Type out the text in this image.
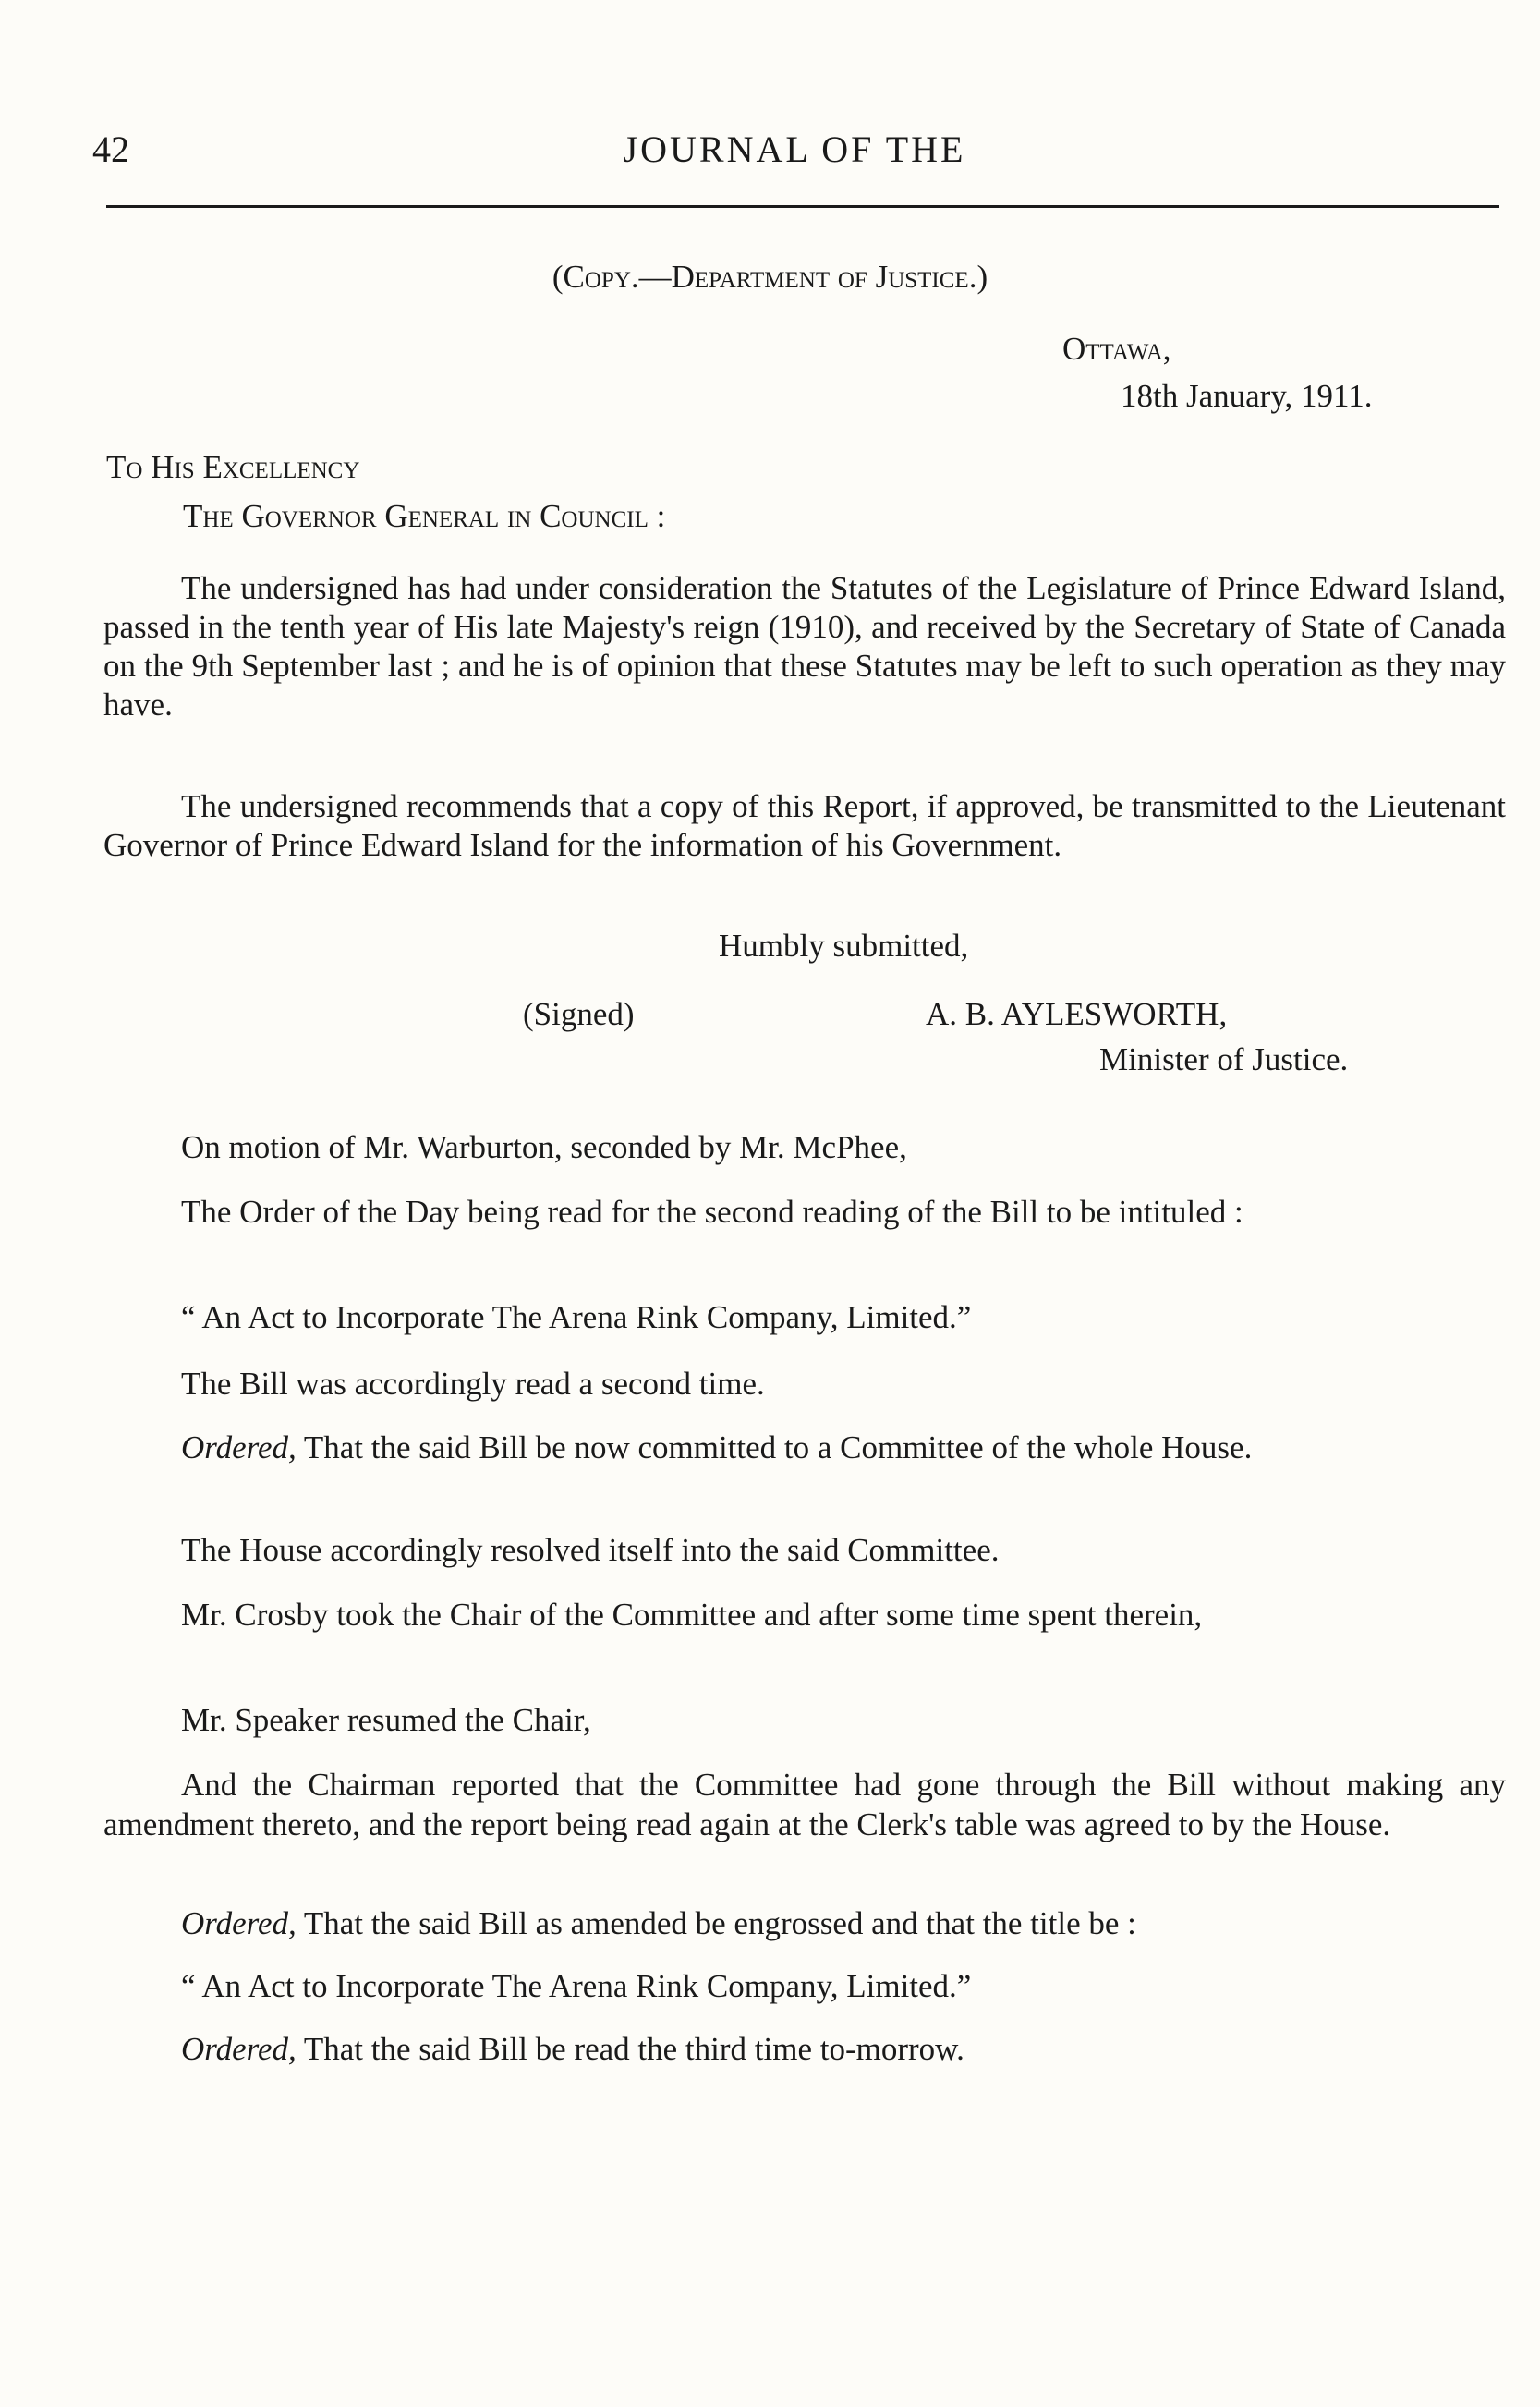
42	JOURNAL OF THE
(Copy.—Department of Justice.)
Ottawa,
18th January, 1911.
To His Excellency
The Governor General in Council :

The undersigned has had under consideration the Statutes of the Legislature of Prince Edward Island, passed in the tenth year of His late Majesty's reign (1910), and received by the Secretary of State of Canada on the 9th September last ; and he is of opinion that these Statutes may be left to such operation as they may have.

The undersigned recommends that a copy of this Report, if approved, be transmitted to the Lieutenant Governor of Prince Edward Island for the information of his Government.

Humbly submitted,
(Signed)	A. B. AYLESWORTH,
Minister of Justice.

On motion of Mr. Warburton, seconded by Mr. McPhee,

The Order of the Day being read for the second reading of the Bill to be intituled :

“ An Act to Incorporate The Arena Rink Company, Limited.”

The Bill was accordingly read a second time.

Ordered, That the said Bill be now committed to a Committee of the whole House.

The House accordingly resolved itself into the said Committee.

Mr. Crosby took the Chair of the Committee and after some time spent therein,

Mr. Speaker resumed the Chair,

And the Chairman reported that the Committee had gone through the Bill without making any amendment thereto, and the report being read again at the Clerk's table was agreed to by the House.

Ordered, That the said Bill as amended be engrossed and that the title be :

“ An Act to Incorporate The Arena Rink Company, Limited.”

Ordered, That the said Bill be read the third time to-morrow.
